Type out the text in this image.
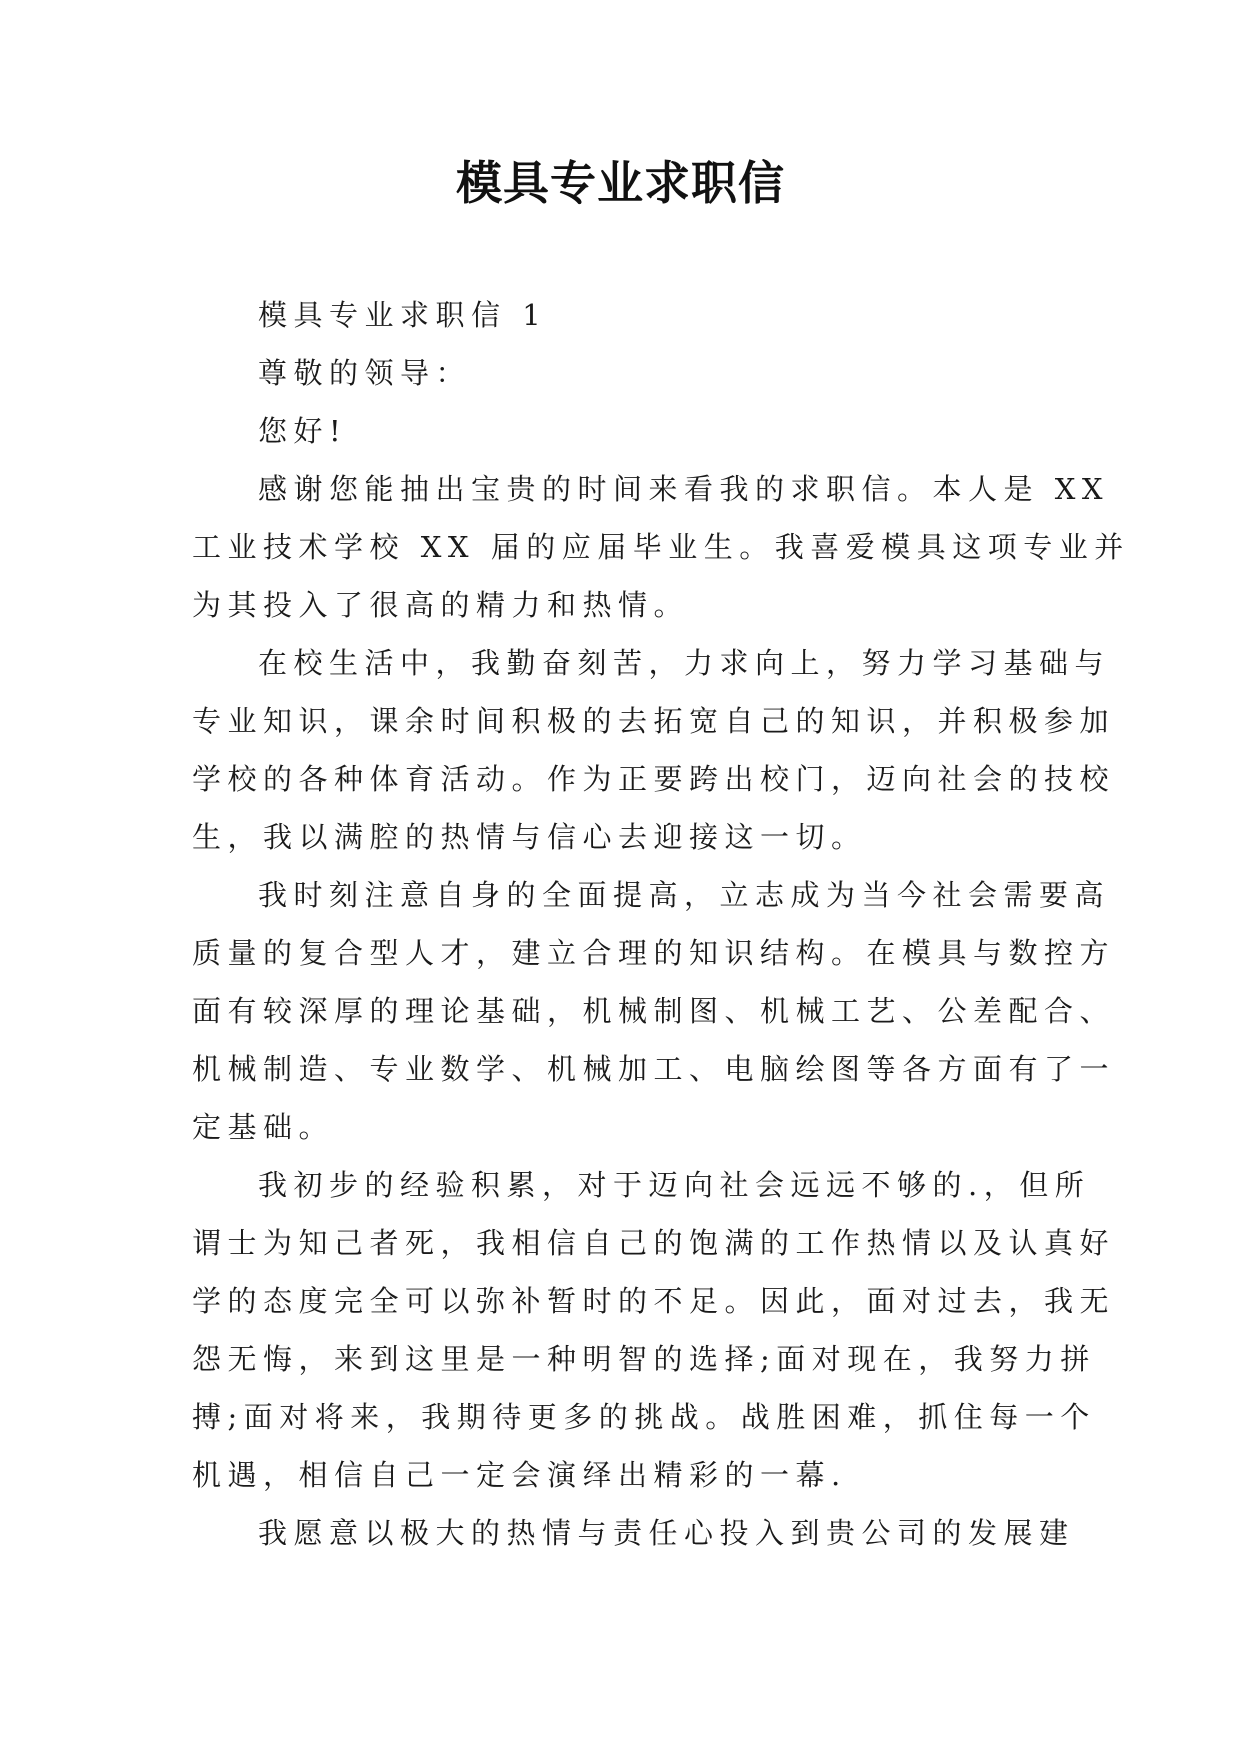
模具专业求职信

模具专业求职信 1

尊敬的领导：

您好!

感谢您能抽出宝贵的时间来看我的求职信。本人是 XX

工业技术学校 XX 届的应届毕业生。我喜爱模具这项专业并

为其投入了很高的精力和热情。

在校生活中，我勤奋刻苦，力求向上，努力学习基础与

专业知识，课余时间积极的去拓宽自己的知识，并积极参加

学校的各种体育活动。作为正要跨出校门，迈向社会的技校

生，我以满腔的热情与信心去迎接这一切。

我时刻注意自身的全面提高，立志成为当今社会需要高

质量的复合型人才，建立合理的知识结构。在模具与数控方

面有较深厚的理论基础，机械制图、机械工艺、公差配合、

机械制造、专业数学、机械加工、电脑绘图等各方面有了一

定基础。

我初步的经验积累，对于迈向社会远远不够的.，但所

谓士为知己者死，我相信自己的饱满的工作热情以及认真好

学的态度完全可以弥补暂时的不足。因此，面对过去，我无

怨无悔，来到这里是一种明智的选择;面对现在，我努力拼

搏;面对将来，我期待更多的挑战。战胜困难，抓住每一个

机遇，相信自己一定会演绎出精彩的一幕.

我愿意以极大的热情与责任心投入到贵公司的发展建
